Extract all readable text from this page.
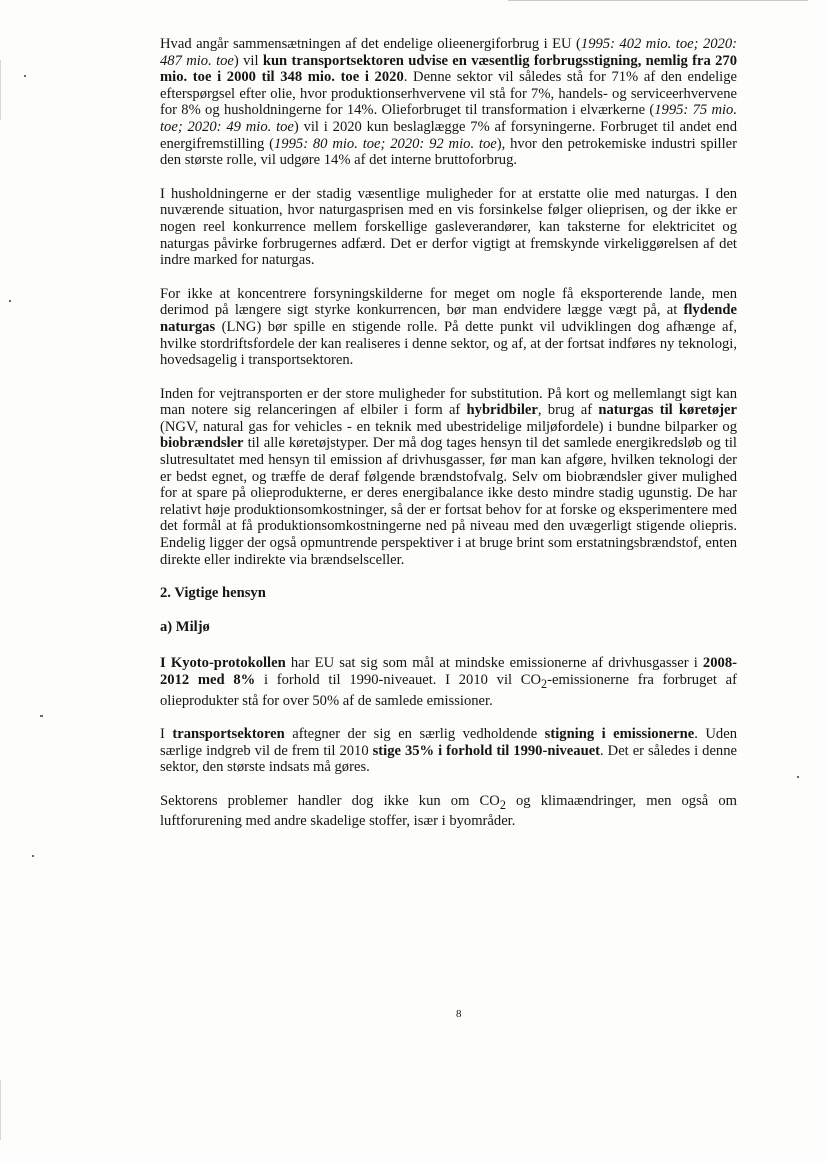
Hvad angår sammensætningen af det endelige olieenergiforbrug i EU (1995: 402 mio. toe; 2020: 487 mio. toe) vil kun transportsektoren udvise en væsentlig forbrugsstigning, nemlig fra 270 mio. toe i 2000 til 348 mio. toe i 2020. Denne sektor vil således stå for 71% af den endelige efterspørgsel efter olie, hvor produktionserhvervene vil stå for 7%, handels- og serviceerhvervene for 8% og husholdningerne for 14%. Olieforbruget til transformation i elværkerne (1995: 75 mio. toe; 2020: 49 mio. toe) vil i 2020 kun beslaglægge 7% af forsyningerne. Forbruget til andet end energifremstilling (1995: 80 mio. toe; 2020: 92 mio. toe), hvor den petrokemiske industri spiller den største rolle, vil udgøre 14% af det interne bruttoforbrug.

I husholdningerne er der stadig væsentlige muligheder for at erstatte olie med naturgas. I den nuværende situation, hvor naturgasprisen med en vis forsinkelse følger olieprisen, og der ikke er nogen reel konkurrence mellem forskellige gasleverandører, kan taksterne for elektricitet og naturgas påvirke forbrugernes adfærd. Det er derfor vigtigt at fremskynde virkeliggørelsen af det indre marked for naturgas.

For ikke at koncentrere forsyningskilderne for meget om nogle få eksporterende lande, men derimod på længere sigt styrke konkurrencen, bør man endvidere lægge vægt på, at flydende naturgas (LNG) bør spille en stigende rolle. På dette punkt vil udviklingen dog afhænge af, hvilke stordriftsfordele der kan realiseres i denne sektor, og af, at der fortsat indføres ny teknologi, hovedsagelig i transportsektoren.

Inden for vejtransporten er der store muligheder for substitution. På kort og mellemlangt sigt kan man notere sig relanceringen af elbiler i form af hybridbiler, brug af naturgas til køretøjer (NGV, natural gas for vehicles - en teknik med ubestridelige miljøfordele) i bundne bilparker og biobrændsler til alle køretøjstyper. Der må dog tages hensyn til det samlede energikredsløb og til slutresultatet med hensyn til emission af drivhusgasser, før man kan afgøre, hvilken teknologi der er bedst egnet, og træffe de deraf følgende brændstofvalg. Selv om biobrændsler giver mulighed for at spare på olieprodukterne, er deres energibalance ikke desto mindre stadig ugunstig. De har relativt høje produktionsomkostninger, så der er fortsat behov for at forske og eksperimentere med det formål at få produktionsomkostningerne ned på niveau med den uvægerligt stigende oliepris. Endelig ligger der også opmuntrende perspektiver i at bruge brint som erstatningsbrændstof, enten direkte eller indirekte via brændselsceller.

2. Vigtige hensyn
a) Miljø

I Kyoto-protokollen har EU sat sig som mål at mindske emissionerne af drivhusgasser i 2008-2012 med 8% i forhold til 1990-niveauet. I 2010 vil $CO_2$-emissionerne fra forbruget af olieprodukter stå for over 50% af de samlede emissioner.

I transportsektoren aftegner der sig en særlig vedholdende stigning i emissionerne. Uden særlige indgreb vil de frem til 2010 stige 35% i forhold til 1990-niveauet. Det er således i denne sektor, den største indsats må gøres.

Sektorens problemer handler dog ikke kun om $CO_2$ og klimaændringer, men også om luftforurening med andre skadelige stoffer, især i byområder.

8
